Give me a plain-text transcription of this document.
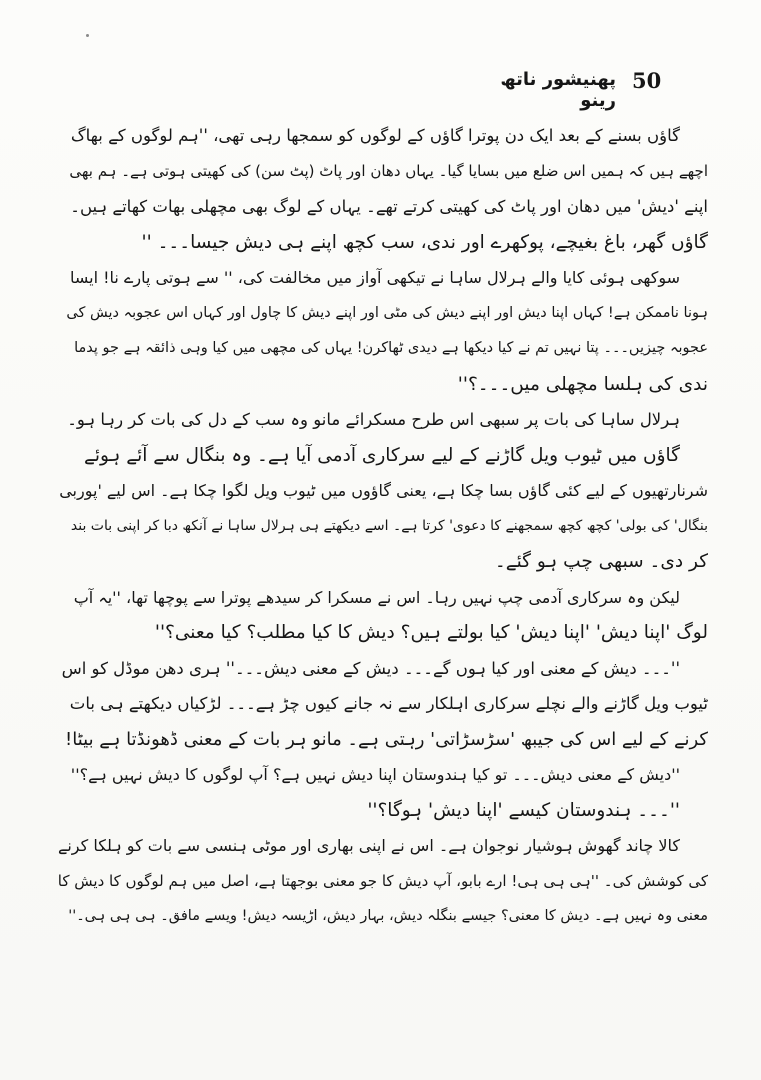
50
پھنیشور ناتھ رینو
گاؤں بسنے کے بعد ایک دن پوترا گاؤں کے لوگوں کو سمجھا رہی تھی، ''ہم لوگوں کے بھاگ
اچھے ہیں کہ ہمیں اس ضلع میں بسایا گیا۔ یہاں دھان اور پاٹ (پٹ سن) کی کھیتی ہوتی ہے۔ ہم بھی
اپنے 'دیش' میں دھان اور پاٹ کی کھیتی کرتے تھے۔ یہاں کے لوگ بھی مچھلی بھات کھاتے ہیں۔
گاؤں گھر، باغ بغیچے، پوکھرے اور ندی، سب کچھ اپنے ہی دیش جیسا۔۔۔ ''
سوکھی ہوئی کایا والے ہرلال ساہا نے تیکھی آواز میں مخالفت کی، '' سے ہوتی پارے نا! ایسا
ہونا ناممکن ہے! کہاں اپنا دیش اور اپنے دیش کی مٹی اور اپنے دیش کا چاول اور کہاں اس عجوبہ دیش کی
عجوبہ چیزیں۔۔۔ پتا نہیں تم نے کیا دیکھا ہے دیدی ٹھاکرن! یہاں کی مچھی میں کیا وہی ذائقہ ہے جو پدما
ندی کی ہلسا مچھلی میں۔۔۔؟''
ہرلال ساہا کی بات پر سبھی اس طرح مسکرائے مانو وہ سب کے دل کی بات کر رہا ہو۔
گاؤں میں ٹیوب ویل گاڑنے کے لیے سرکاری آدمی آیا ہے۔ وہ بنگال سے آئے ہوئے
شرنارتھیوں کے لیے کئی گاؤں بسا چکا ہے، یعنی گاؤوں میں ٹیوب ویل لگوا چکا ہے۔ اس لیے 'پوربی
بنگال' کی بولی' کچھ کچھ سمجھنے کا دعوی' کرتا ہے۔ اسے دیکھتے ہی ہرلال ساہا نے آنکھ دبا کر اپنی بات بند
کر دی۔ سبھی چپ ہو گئے۔
لیکن وہ سرکاری آدمی چپ نہیں رہا۔ اس نے مسکرا کر سیدھے پوترا سے پوچھا تھا، ''یہ آپ
لوگ 'اپنا دیش' 'اپنا دیش' کیا بولتے ہیں؟ دیش کا کیا مطلب؟ کیا معنی؟''
''۔۔۔ دیش کے معنی اور کیا ہوں گے۔۔۔ دیش کے معنی دیش۔۔۔'' ہری دھن موڈل کو اس
ٹیوب ویل گاڑنے والے نچلے سرکاری اہلکار سے نہ جانے کیوں چڑ ہے۔۔۔ لڑکیاں دیکھتے ہی بات
کرنے کے لیے اس کی جیبھ 'سڑسڑاتی' رہتی ہے۔ مانو ہر بات کے معنی ڈھونڈتا ہے بیٹا!
''دیش کے معنی دیش۔۔۔ تو کیا ہندوستان اپنا دیش نہیں ہے؟ آپ لوگوں کا دیش نہیں ہے؟''
''۔۔۔ ہندوستان کیسے 'اپنا دیش' ہوگا؟''
کالا چاند گھوش ہوشیار نوجوان ہے۔ اس نے اپنی بھاری اور موٹی ہنسی سے بات کو ہلکا کرنے
کی کوشش کی۔ ''ہی ہی ہی! ارے بابو، آپ دیش کا جو معنی بوجھتا ہے، اصل میں ہم لوگوں کا دیش کا
معنی وہ نہیں ہے۔ دیش کا معنی؟ جیسے بنگلہ دیش، بہار دیش، اڑیسہ دیش! ویسے مافق۔ ہی ہی ہی۔''
